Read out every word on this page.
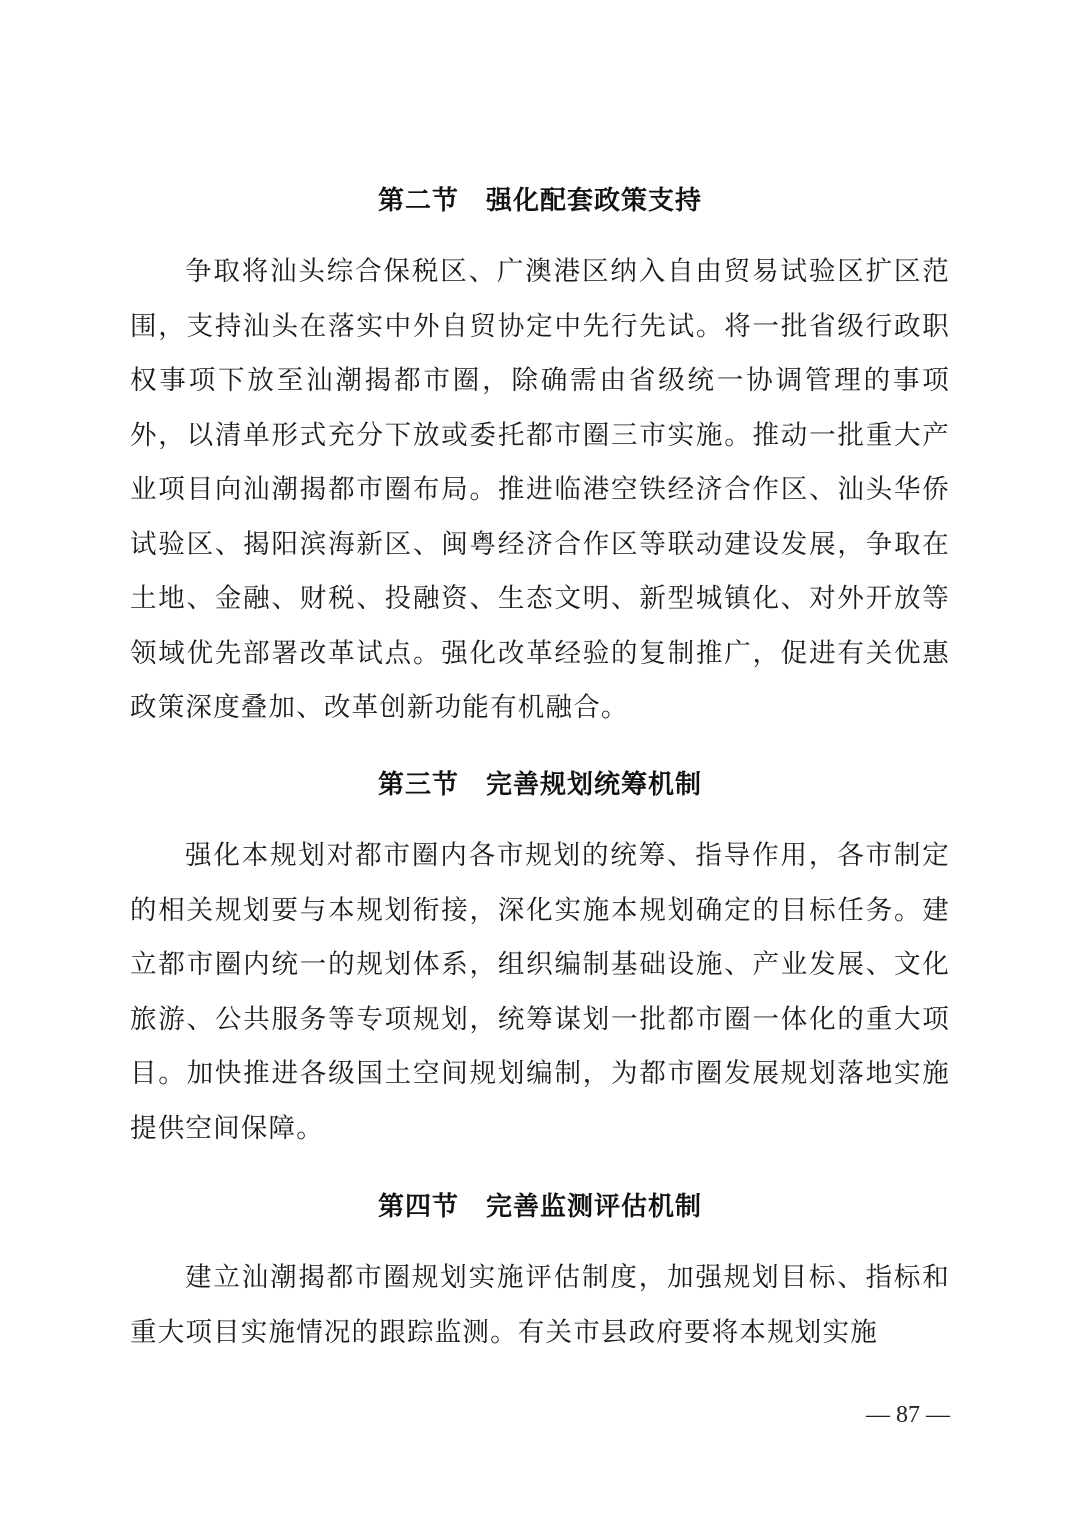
第二节　强化配套政策支持
争取将汕头综合保税区、广澳港区纳入自由贸易试验区扩区范围，支持汕头在落实中外自贸协定中先行先试。将一批省级行政职权事项下放至汕潮揭都市圈，除确需由省级统一协调管理的事项外，以清单形式充分下放或委托都市圈三市实施。推动一批重大产业项目向汕潮揭都市圈布局。推进临港空铁经济合作区、汕头华侨试验区、揭阳滨海新区、闽粤经济合作区等联动建设发展，争取在土地、金融、财税、投融资、生态文明、新型城镇化、对外开放等领域优先部署改革试点。强化改革经验的复制推广，促进有关优惠政策深度叠加、改革创新功能有机融合。
第三节　完善规划统筹机制
强化本规划对都市圈内各市规划的统筹、指导作用，各市制定的相关规划要与本规划衔接，深化实施本规划确定的目标任务。建立都市圈内统一的规划体系，组织编制基础设施、产业发展、文化旅游、公共服务等专项规划，统筹谋划一批都市圈一体化的重大项目。加快推进各级国土空间规划编制，为都市圈发展规划落地实施提供空间保障。
第四节　完善监测评估机制
建立汕潮揭都市圈规划实施评估制度，加强规划目标、指标和重大项目实施情况的跟踪监测。有关市县政府要将本规划实施
— 87 —
